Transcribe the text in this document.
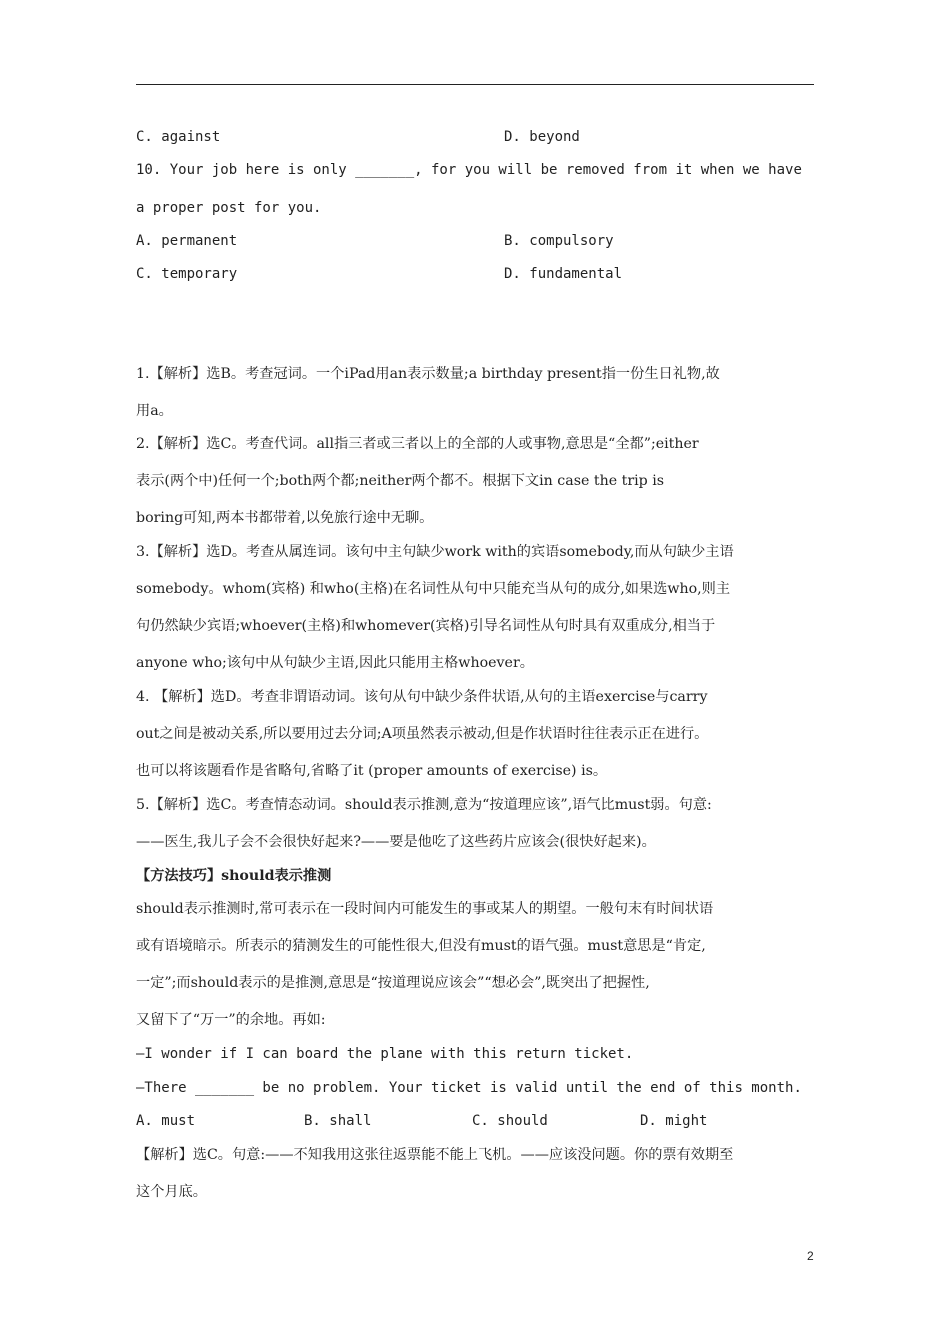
C. against	D. beyond
10. Your job here is only _______, for you will be removed from it when we have
a proper post for you.
A. permanent	B. compulsory
C. temporary	D. fundamental
1.【解析】选B。考查冠词。一个iPad用an表示数量;a birthday present指一份生日礼物,故
用a。
2.【解析】选C。考查代词。all指三者或三者以上的全部的人或事物,意思是“全都”;either
表示(两个中)任何一个;both两个都;neither两个都不。根据下文in case the trip is
boring可知,两本书都带着,以免旅行途中无聊。
3.【解析】选D。考查从属连词。该句中主句缺少work with的宾语somebody,而从句缺少主语
somebody。whom(宾格) 和who(主格)在名词性从句中只能充当从句的成分,如果选who,则主
句仍然缺少宾语;whoever(主格)和whomever(宾格)引导名词性从句时具有双重成分,相当于
anyone who;该句中从句缺少主语,因此只能用主格whoever。
4. 【解析】选D。考查非谓语动词。该句从句中缺少条件状语,从句的主语exercise与carry
out之间是被动关系,所以要用过去分词;A项虽然表示被动,但是作状语时往往表示正在进行。
也可以将该题看作是省略句,省略了it (proper amounts of exercise) is。
5.【解析】选C。考查情态动词。should表示推测,意为“按道理应该”,语气比must弱。句意:
——医生,我儿子会不会很快好起来?——要是他吃了这些药片应该会(很快好起来)。
【方法技巧】should表示推测
should表示推测时,常可表示在一段时间内可能发生的事或某人的期望。一般句末有时间状语
或有语境暗示。所表示的猜测发生的可能性很大,但没有must的语气强。must意思是“肯定,
一定”;而should表示的是推测,意思是“按道理说应该会”“想必会”,既突出了把握性,
又留下了“万一”的余地。再如:
—I wonder if I can board the plane with this return ticket.
—There _______ be no problem. Your ticket is valid until the end of this month.
A. must	B. shall	C. should	D. might
【解析】选C。句意:——不知我用这张往返票能不能上飞机。——应该没问题。你的票有效期至
这个月底。
2
